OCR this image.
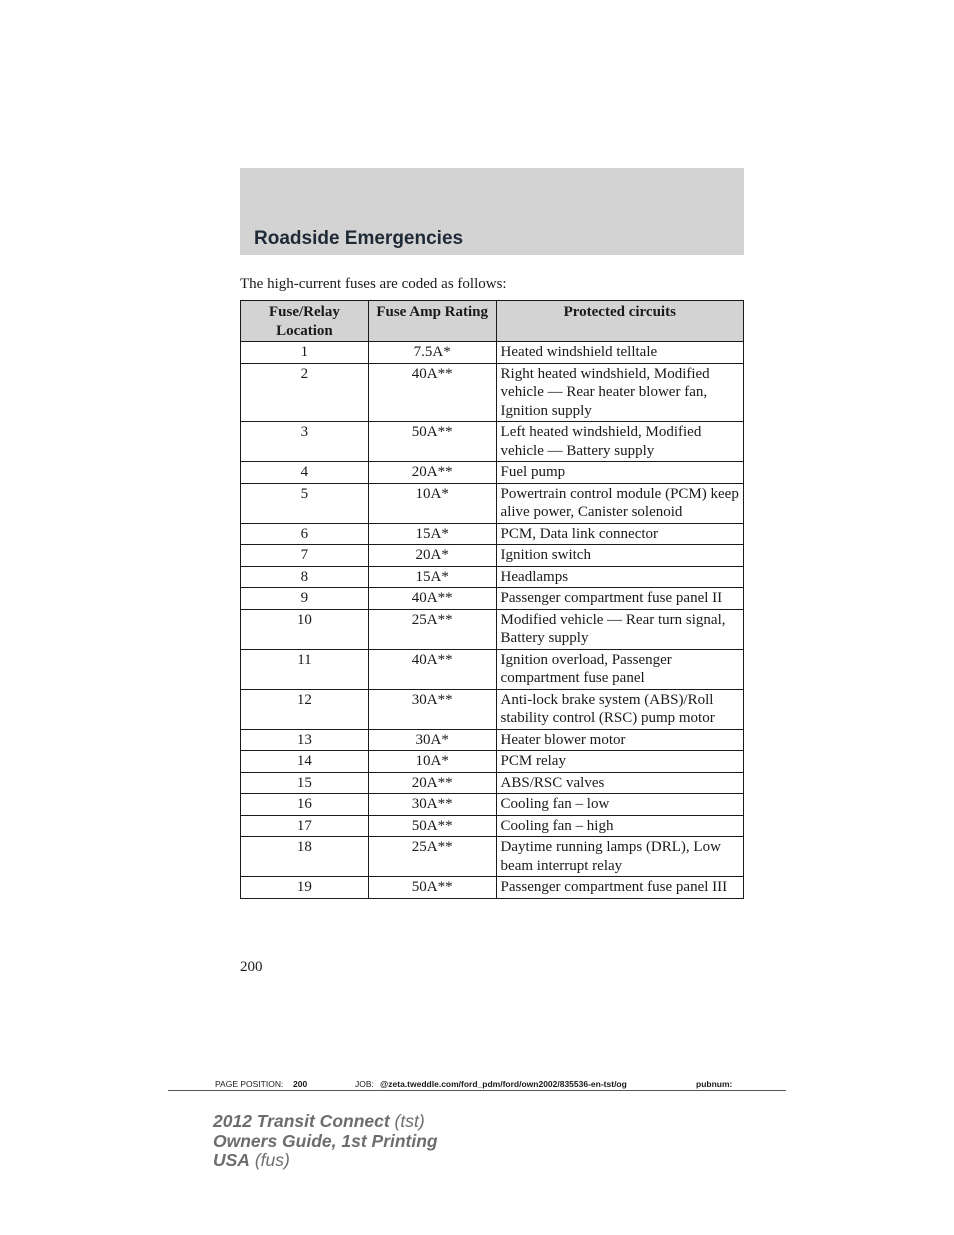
Roadside Emergencies
The high-current fuses are coded as follows:
Fuse/Relay Location	Fuse Amp Rating	Protected circuits
1	7.5A*	Heated windshield telltale
2	40A**	Right heated windshield, Modified vehicle — Rear heater blower fan, Ignition supply
3	50A**	Left heated windshield, Modified vehicle — Battery supply
4	20A**	Fuel pump
5	10A*	Powertrain control module (PCM) keep alive power, Canister solenoid
6	15A*	PCM, Data link connector
7	20A*	Ignition switch
8	15A*	Headlamps
9	40A**	Passenger compartment fuse panel II
10	25A**	Modified vehicle — Rear turn signal, Battery supply
11	40A**	Ignition overload, Passenger compartment fuse panel
12	30A**	Anti-lock brake system (ABS)/Roll stability control (RSC) pump motor
13	30A*	Heater blower motor
14	10A*	PCM relay
15	20A**	ABS/RSC valves
16	30A**	Cooling fan – low
17	50A**	Cooling fan – high
18	25A**	Daytime running lamps (DRL), Low beam interrupt relay
19	50A**	Passenger compartment fuse panel III
200
PAGE POSITION: 200	JOB: @zeta.tweddle.com/ford_pdm/ford/own2002/835536-en-tst/og	pubnum:
2012 Transit Connect (tst)
Owners Guide, 1st Printing
USA (fus)
